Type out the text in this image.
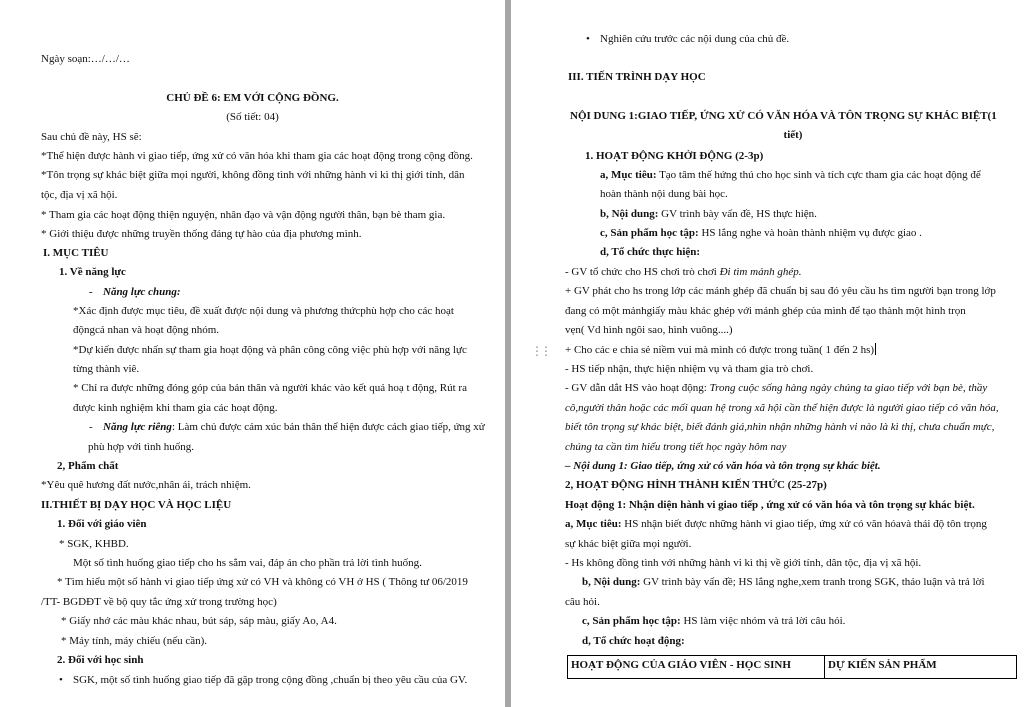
Ngày soạn:…/…/…
CHỦ ĐỀ 6: EM VỚI CỘNG ĐỒNG.
(Số tiết: 04)
Sau chủ đề này, HS sẽ:
*Thể hiện được hành vi giao tiếp, ứng xử có văn hóa khi tham gia các hoạt động trong cộng đồng.
*Tôn trọng sự khác biệt giữa mọi người, không đồng tình với những hành vi kì thị giới tính, dân
tộc, địa vị xã hội.
* Tham gia các hoạt động thiện nguyện, nhân đạo và vận động người thân, bạn bè tham gia.
* Giới thiệu được những truyền thống đáng tự hào của địa phương mình.
I. MỤC TIÊU
1. Về năng lực
- Năng lực chung:
*Xác định được mục tiêu, đề xuất được nội dung và phương thứcphù hợp cho các hoạt
độngcá nhan và hoạt động nhóm.
*Dự kiến được nhấn sự tham gia hoạt động và phân công công việc phù hợp với năng lực
từng thành viê.
* Chỉ ra được những đóng góp của bản thân và người khác vào kết quả hoạ t động, Rút ra
được kinh nghiệm khi tham gia các hoạt động.
- Năng lực riêng: Làm chủ được cảm xúc bản thân thể hiện được cách giao tiếp, ứng xử
phù hợp với tình huống.
2, Phẩm chất
*Yêu quê hương đất nước,nhân ái, trách nhiệm.
II.THIẾT BỊ DẠY HỌC VÀ HỌC LIỆU
1. Đối với giáo viên
* SGK, KHBD.
Một số tình huống giao tiếp cho hs sắm vai, đáp án cho phần trả lời tình huống.
* Tìm hiểu một số hành vi giao tiếp ứng xử có VH và không có VH ở HS ( Thông tư 06/2019
/TT- BGDĐT về bộ quy tắc ứng xử trong trường học)
* Giấy nhớ các màu khác nhau, bút sáp, sáp màu, giấy Ao, A4.
* Máy tính, máy chiếu (nếu cần).
2. Đối với học sinh
• SGK, một số tình huống giao tiếp đã gặp trong cộng đồng ,chuẩn bị theo yêu cầu của GV.
• Nghiên cứu trước các nội dung của chủ đề.
III. TIẾN TRÌNH DẠY HỌC
NỘI DUNG 1:GIAO TIẾP, ỨNG XỬ CÓ VĂN HÓA VÀ TÔN TRỌNG SỰ KHÁC BIỆT(1
tiết)
1. HOẠT ĐỘNG KHỞI ĐỘNG (2-3p)
a, Mục tiêu: Tạo tâm thế hứng thú cho học sinh và tích cực tham gia các hoạt động để
hoàn thành nội dung bài học.
b, Nội dung: GV trình bày vấn đề, HS thực hiện.
c, Sản phẩm học tập: HS lắng nghe và hoàn thành nhiệm vụ được giao .
d, Tổ chức thực hiện:
- GV tổ chức cho HS chơi trò chơi Đi tìm mảnh ghép.
+ GV phát cho hs trong lớp các mảnh ghép đã chuẩn bị sau đó yêu cầu hs tìm người bạn trong lớp
đang có một mảnhgiấy màu khác ghép với mảnh ghép của mình để tạo thành một hình trọn
vẹn( Vd hình ngôi sao, hình vuông....)
+ Cho các e chia sẻ niềm vui mà mình có được trong tuần( 1 đến 2 hs)
- HS tiếp nhận, thực hiện nhiệm vụ và tham gia trò chơi.
- GV dẫn dắt HS vào hoạt động: Trong cuộc sống hàng ngày chúng ta giao tiếp với bạn bè, thầy
cô,người thân hoặc các mối quan hệ trong xã hội cần thể hiện được là người giao tiếp có văn hóa,
biết tôn trọng sự khác biệt, biết đánh giá,nhìn nhận những hành vi nào là kì thị, chưa chuẩn mực,
chúng ta cần tìm hiểu trong tiết học ngày hôm nay
– Nội dung 1: Giao tiếp, ứng xử có văn hóa và tôn trọng sự khác biệt.
2, HOẠT ĐỘNG HÌNH THÀNH KIẾN THỨC (25-27p)
Hoạt động 1: Nhận diện hành vi giao tiếp , ứng xử có văn hóa và tôn trọng sự khác biệt.
a, Mục tiêu: HS nhận biết được những hành vi giao tiếp, ứng xử có văn hóavà thái độ tôn trọng
sự khác biệt giữa mọi người.
- Hs không đồng tình với những hành vi kì thị về giới tính, dân tộc, địa vị xã hội.
b, Nội dung: GV trình bày vấn đề; HS lắng nghe,xem tranh trong SGK, thảo luận và trả lời
câu hỏi.
c, Sản phẩm học tập: HS làm việc nhóm và trả lời câu hỏi.
d, Tổ chức hoạt động:
HOẠT ĐỘNG CỦA GIÁO VIÊN - HỌC SINH	DỰ KIẾN SẢN PHẨM
⋮⋮
